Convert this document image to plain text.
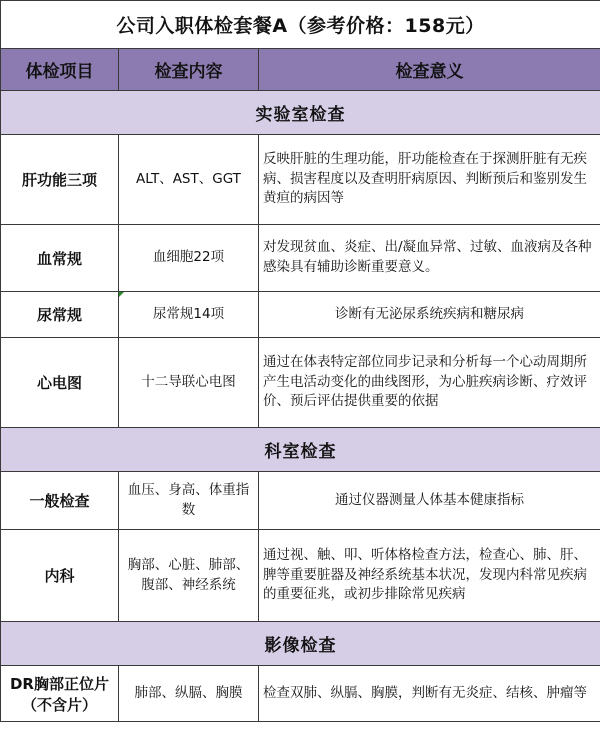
公司入职体检套餐A（参考价格：158元）		
体检项目	检查内容	检查意义
实验室检查		
肝功能三项	ALT、AST、GGT	反映肝脏的生理功能，肝功能检查在于探测肝脏有无疾病、损害程度以及查明肝病原因、判断预后和鉴别发生黄疸的病因等
血常规	血细胞22项	对发现贫血、炎症、出/凝血异常、过敏、血液病及各种感染具有辅助诊断重要意义。
尿常规	尿常规14项	诊断有无泌尿系统疾病和糖尿病
心电图	十二导联心电图	通过在体表特定部位同步记录和分析每一个心动周期所产生电活动变化的曲线图形，为心脏疾病诊断、疗效评价、预后评估提供重要的依据
科室检查		
一般检查	血压、身高、体重指数	通过仪器测量人体基本健康指标
内科	胸部、心脏、肺部、腹部、神经系统	通过视、触、叩、听体格检查方法，检查心、肺、肝、脾等重要脏器及神经系统基本状况，发现内科常见疾病的重要征兆，或初步排除常见疾病
影像检查		
DR胸部正位片（不含片）	肺部、纵膈、胸膜	检查双肺、纵膈、胸膜，判断有无炎症、结核、肿瘤等
